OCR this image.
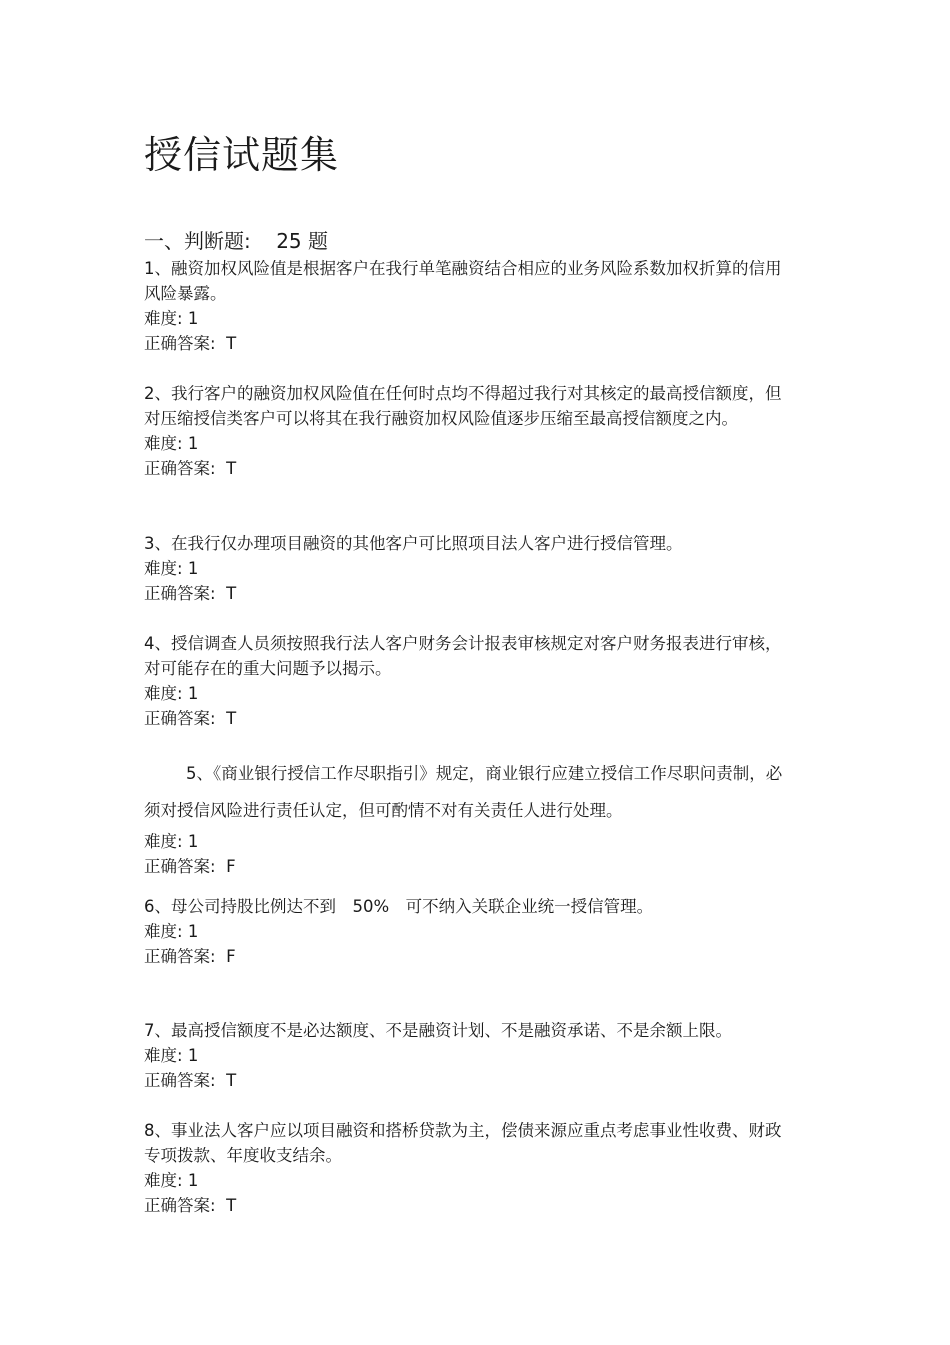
授信试题集
一、判断题: 25 题

1、融资加权风险值是根据客户在我行单笔融资结合相应的业务风险系数加权折算的信用风险暴露。

难度: 1

正确答案: T

2、我行客户的融资加权风险值在任何时点均不得超过我行对其核定的最高授信额度，但对压缩授信类客户可以将其在我行融资加权风险值逐步压缩至最高授信额度之内。

难度: 1

正确答案: T

3、在我行仅办理项目融资的其他客户可比照项目法人客户进行授信管理。

难度: 1

正确答案: T

4、授信调查人员须按照我行法人客户财务会计报表审核规定对客户财务报表进行审核，对可能存在的重大问题予以揭示。

难度: 1

正确答案: T

5、《商业银行授信工作尽职指引》规定，商业银行应建立授信工作尽职问责制，必须对授信风险进行责任认定，但可酌情不对有关责任人进行处理。

难度: 1

正确答案: F

6、母公司持股比例达不到　50%　可不纳入关联企业统一授信管理。

难度: 1

正确答案: F

7、最高授信额度不是必达额度、不是融资计划、不是融资承诺、不是余额上限。

难度: 1

正确答案: T

8、事业法人客户应以项目融资和搭桥贷款为主，偿债来源应重点考虑事业性收费、财政专项拨款、年度收支结余。

难度: 1

正确答案: T
